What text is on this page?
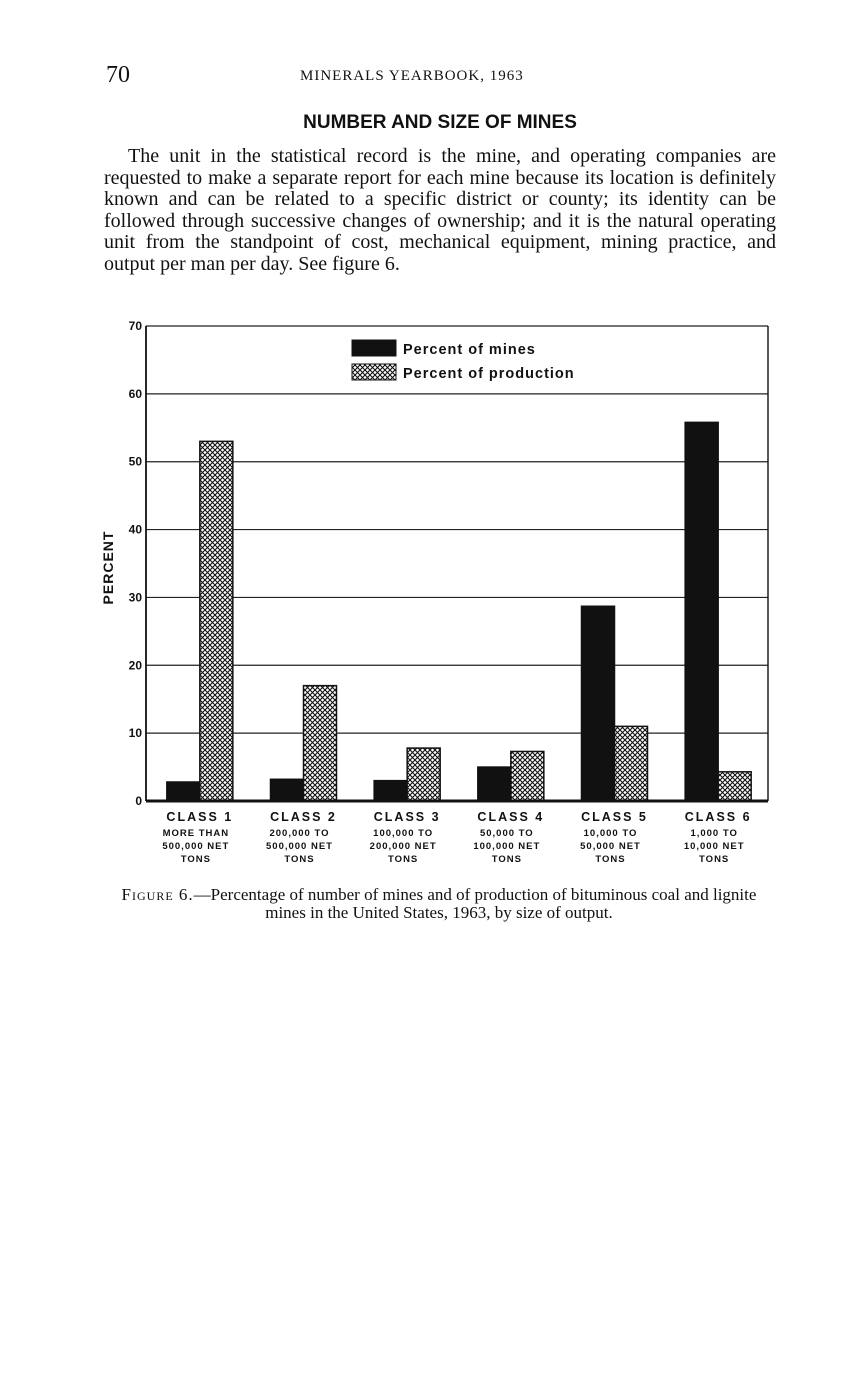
70	MINERALS YEARBOOK, 1963
NUMBER AND SIZE OF MINES

The unit in the statistical record is the mine, and operating companies are requested to make a separate report for each mine because its location is definitely known and can be related to a specific district or county; its identity can be followed through successive changes of ownership; and it is the natural operating unit from the standpoint of cost, mechanical equipment, mining practice, and output per man per day. See figure 6.

0
10
20
30
40
50
60
70
PERCENT
CLASS 1
MORE THAN
500,000 NET
TONS
CLASS 2
200,000 TO
500,000 NET
TONS
CLASS 3
100,000 TO
200,000 NET
TONS
CLASS 4
50,000 TO
100,000 NET
TONS
CLASS 5
10,000 TO
50,000 NET
TONS
CLASS 6
1,000 TO
10,000 NET
TONS
Percent of mines
Percent of production

Figure 6.—Percentage of number of mines and of production of bituminous coal and lignite mines in the United States, 1963, by size of output.
